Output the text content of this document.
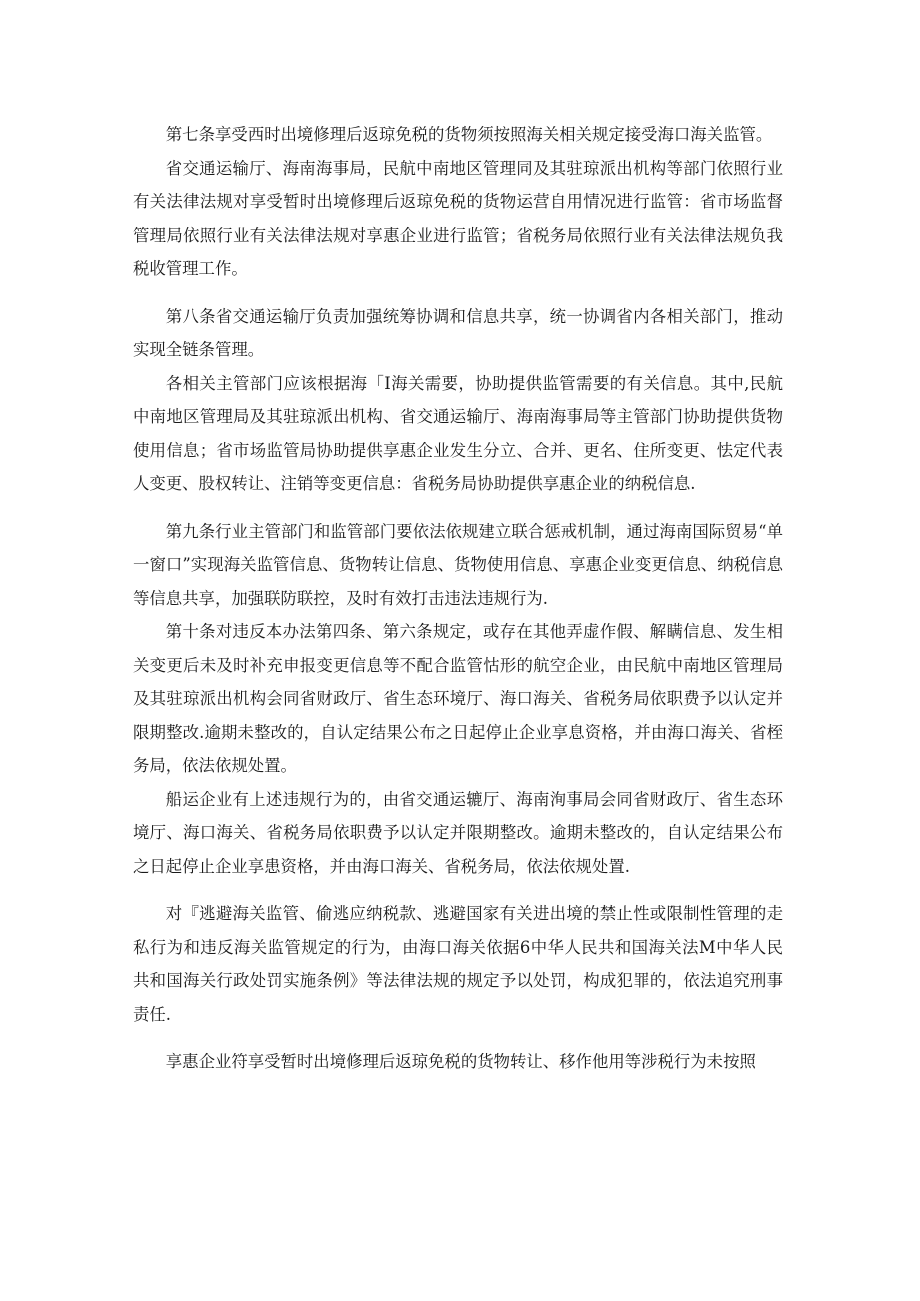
第七条享受西时出境修理后返琼免税的货物须按照海关相关规定接受海口海关监管。

省交通运输厅、海南海事局，民航中南地区管理同及其驻琼派出机构等部门依照行业有关法律法规对享受暂时出境修理后返琼免税的货物运营自用情况进行监管：省市场监督管理局依照行业有关法律法规对享惠企业进行监管；省税务局依照行业有关法律法规负我税收管理工作。

第八条省交通运输厅负责加强统筹协调和信息共享，统一协调省内各相关部门，推动实现全链条管理。

各相关主管部门应该根据海「I海关需要，协助提供监管需要的有关信息。其中,民航中南地区管理局及其驻琼派出机构、省交通运输厅、海南海事局等主管部门协助提供货物使用信息；省市场监管局协助提供享惠企业发生分立、合并、更名、住所变更、怯定代表人变更、股权转让、注销等变更信息：省税务局协助提供享惠企业的纳税信息.

第九条行业主管部门和监管部门要依法依规建立联合惩戒机制，通过海南国际贸易“单一窗口”实现海关监管信息、货物转让信息、货物使用信息、享惠企业变更信息、纳税信息等信息共享，加强联防联控，及时有效打击违法违规行为.

第十条对违反本办法第四条、第六条规定，或存在其他弄虚作假、解瞒信息、发生相关变更后未及时补充申报变更信息等不配合监管怙形的航空企业，由民航中南地区管理局及其驻琼派出机构会同省财政厅、省生态环境厅、海口海关、省税务局依职费予以认定并限期整改.逾期未整改的，自认定结果公布之日起停止企业享息资格，并由海口海关、省桎务局，依法依规处置。

船运企业有上述违规行为的，由省交通运辘厅、海南洵事局会同省财政厅、省生态环境厅、海口海关、省税务局依职费予以认定并限期整改。逾期未整改的，自认定结果公布之日起停止企业享患资格，并由海口海关、省税务局，依法依规处置.

对『逃避海关监管、偷逃应纳税款、逃避国家有关进出境的禁止性或限制性管理的走私行为和违反海关监管规定的行为，由海口海关依据6中华人民共和国海关法M中华人民共和国海关行政处罚实施条例》等法律法规的规定予以处罚，构成犯罪的，依法追究刑事责任.

享惠企业符享受暂时出境修理后返琼免税的货物转让、移作他用等涉税行为未按照
